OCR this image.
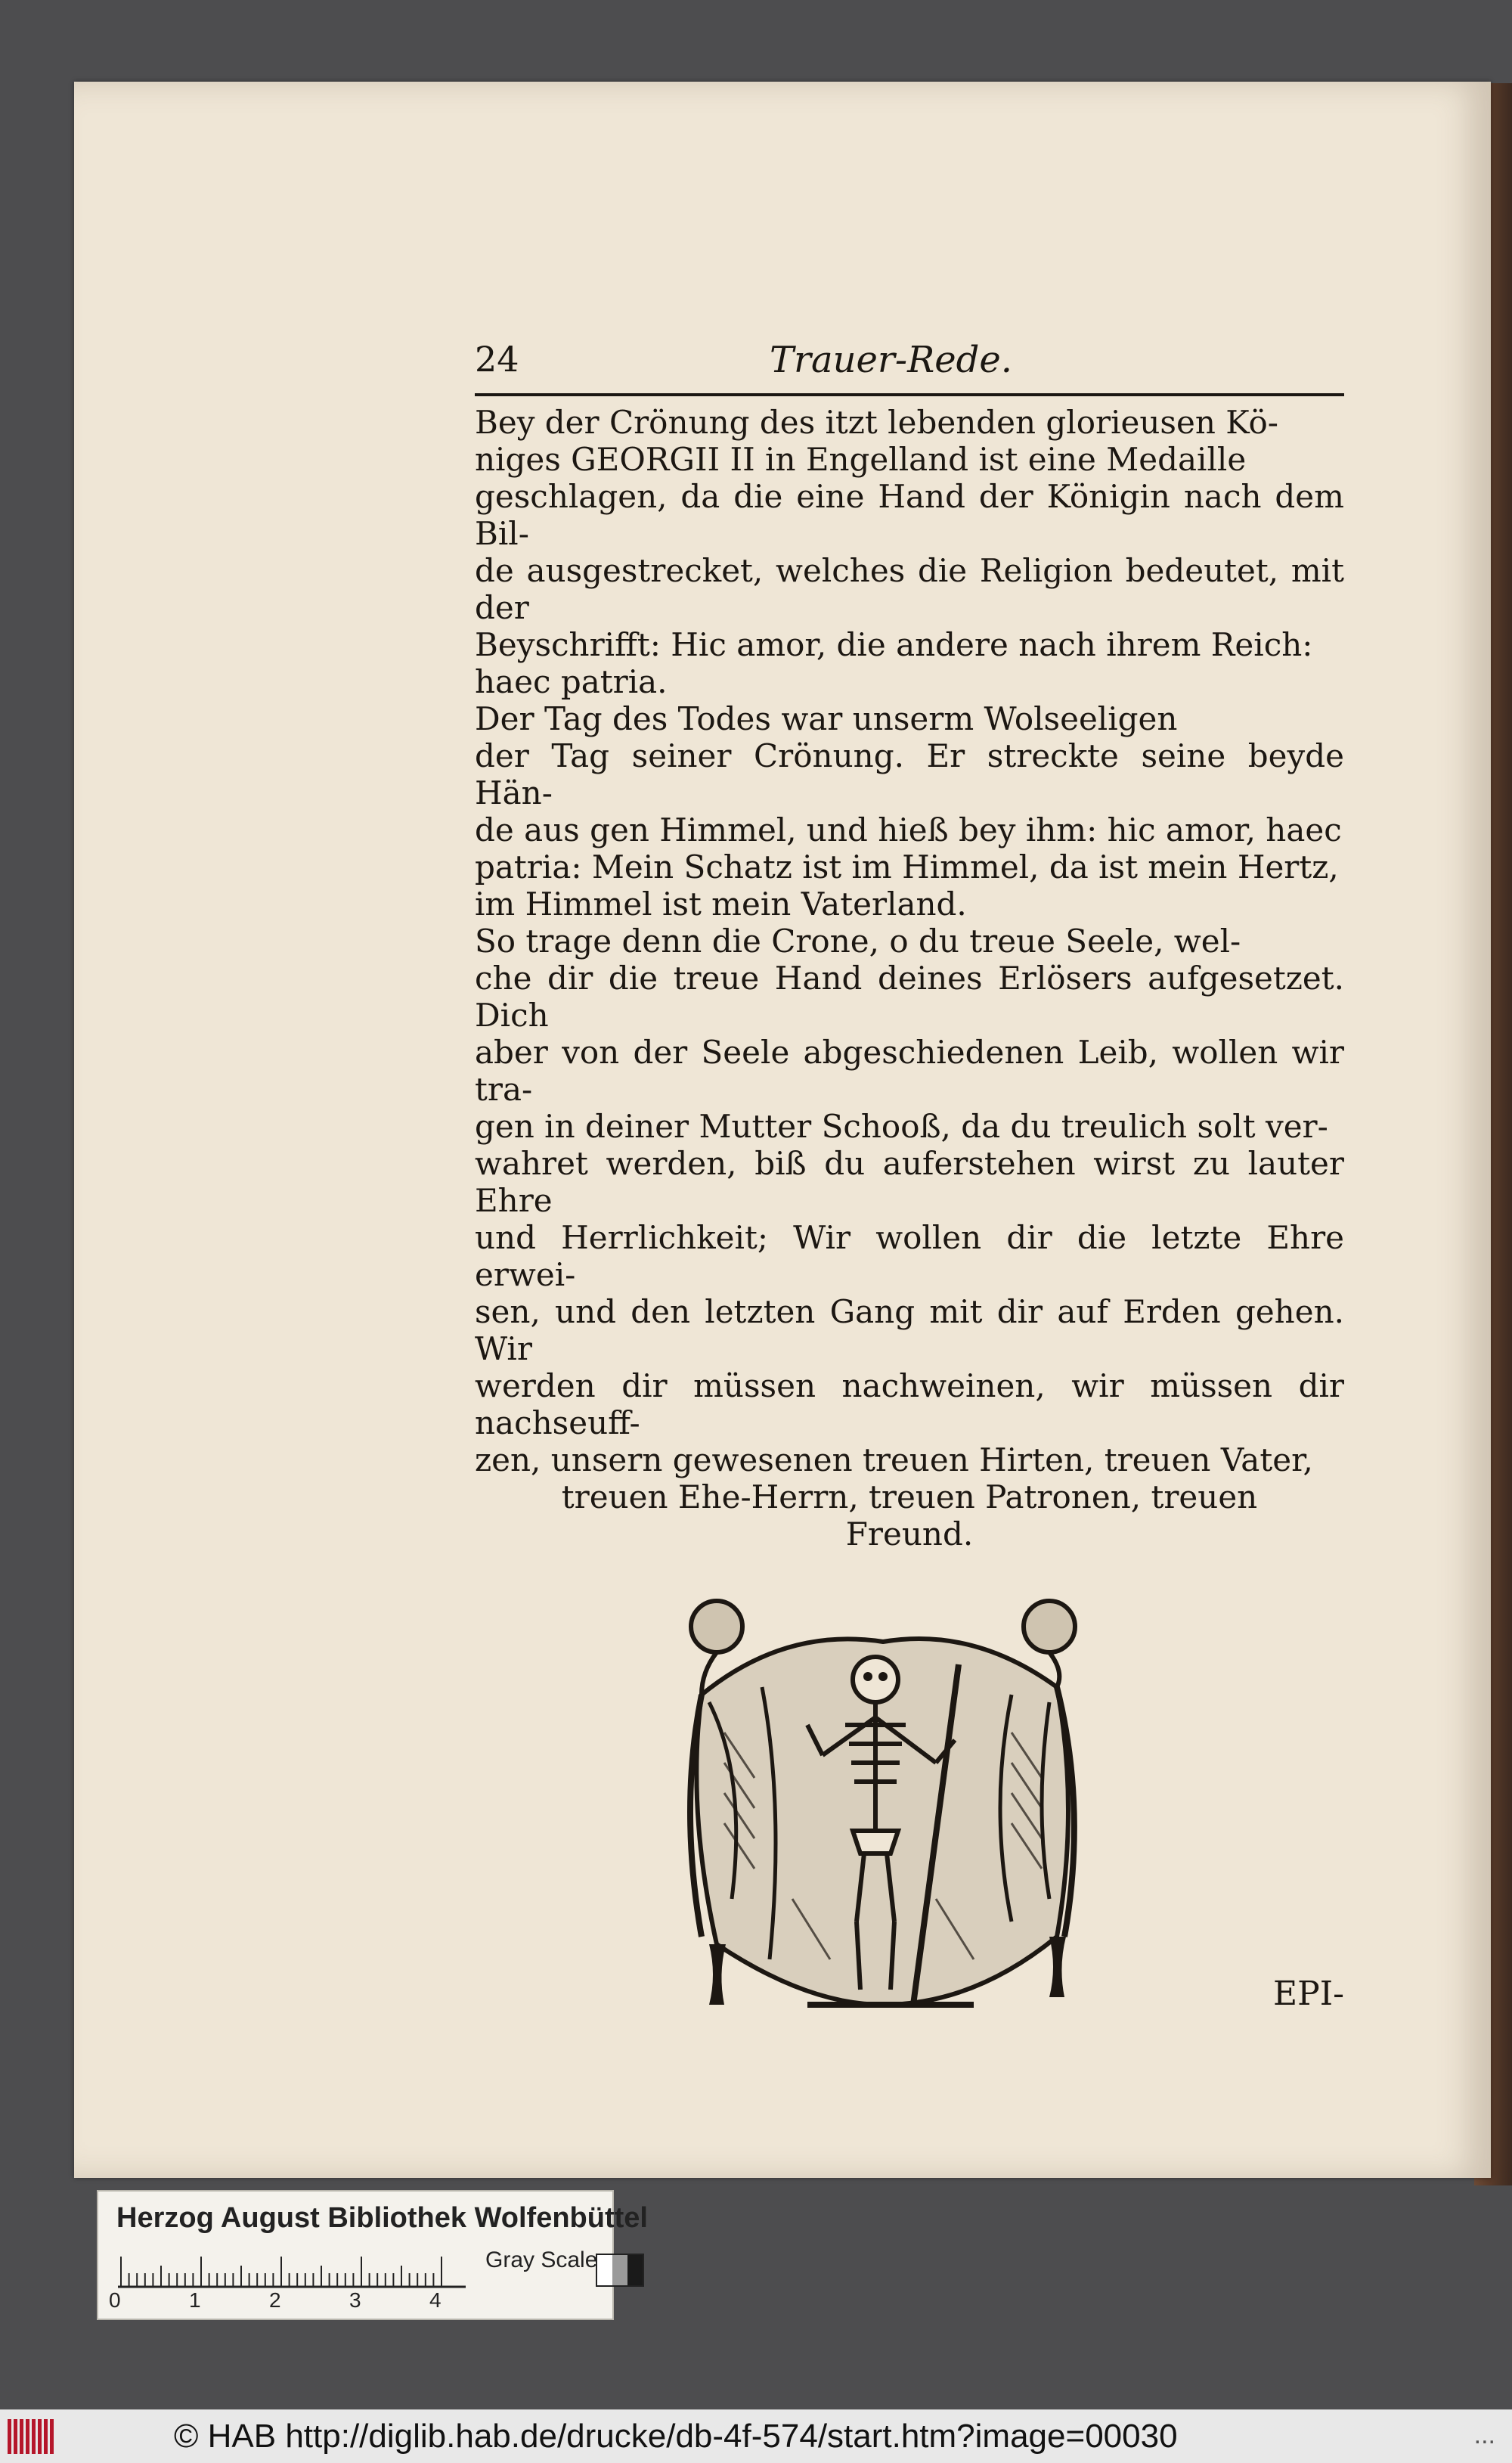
24	Trauer-Rede.

Bey der Crönung des itzt lebenden glorieusen Kö-
niges GEORGII II in Engelland ist eine Medaille
geschlagen, da die eine Hand der Königin nach dem Bil-
de ausgestrecket, welches die Religion bedeutet, mit der
Beyschrifft: Hic amor, die andere nach ihrem Reich:
haec patria.

Der Tag des Todes war unserm Wolseeligen
der Tag seiner Crönung. Er streckte seine beyde Hän-
de aus gen Himmel, und hieß bey ihm: hic amor, haec
patria: Mein Schatz ist im Himmel, da ist mein Hertz,
im Himmel ist mein Vaterland.

So trage denn die Crone, o du treue Seele, wel-
che dir die treue Hand deines Erlösers aufgesetzet. Dich
aber von der Seele abgeschiedenen Leib, wollen wir tra-
gen in deiner Mutter Schooß, da du treulich solt ver-
wahret werden, biß du auferstehen wirst zu lauter Ehre
und Herrlichkeit; Wir wollen dir die letzte Ehre erwei-
sen, und den letzten Gang mit dir auf Erden gehen. Wir
werden dir müssen nachweinen, wir müssen dir nachseuff-
zen, unsern gewesenen treuen Hirten, treuen Vater,

treuen Ehe-Herrn, treuen Patronen, treuen
Freund.

EPI-
Herzog August Bibliothek Wolfenbüttel
0	1	2	3	4
Gray Scale
© HAB http://diglib.hab.de/drucke/db-4f-574/start.htm?image=00030	...
